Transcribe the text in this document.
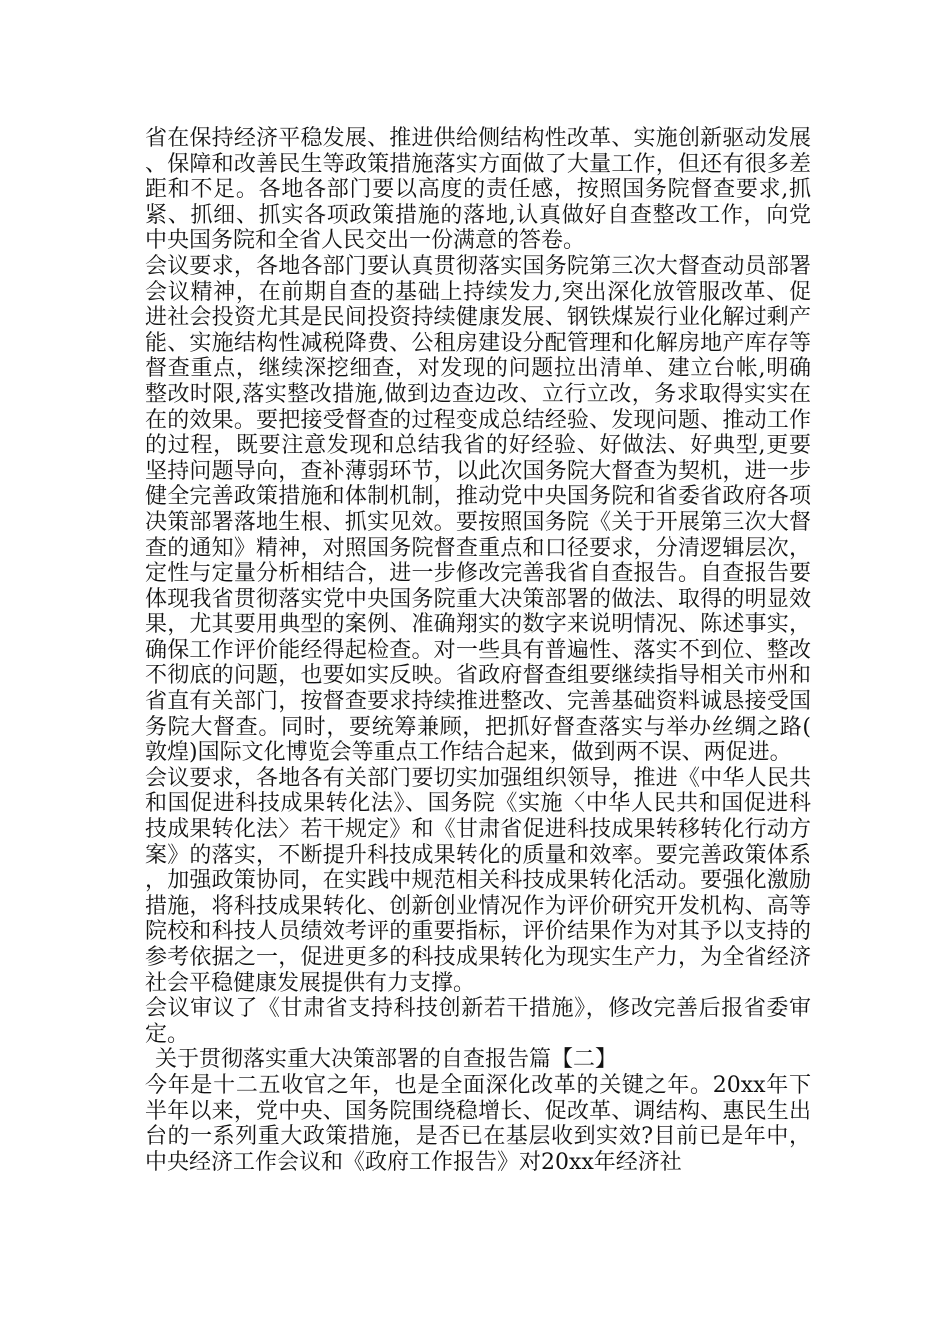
省在保持经济平稳发展、推进供给侧结构性改革、实施创新驱动发展、保障和改善民生等政策措施落实方面做了大量工作，但还有很多差距和不足。各地各部门要以高度的责任感，按照国务院督查要求,抓紧、抓细、抓实各项政策措施的落地,认真做好自查整改工作，向党中央国务院和全省人民交出一份满意的答卷。

会议要求，各地各部门要认真贯彻落实国务院第三次大督查动员部署会议精神，在前期自查的基础上持续发力,突出深化放管服改革、促进社会投资尤其是民间投资持续健康发展、钢铁煤炭行业化解过剩产能、实施结构性减税降费、公租房建设分配管理和化解房地产库存等督查重点，继续深挖细查，对发现的问题拉出清单、建立台帐,明确整改时限,落实整改措施,做到边查边改、立行立改，务求取得实实在在的效果。要把接受督查的过程变成总结经验、发现问题、推动工作的过程，既要注意发现和总结我省的好经验、好做法、好典型,更要坚持问题导向，查补薄弱环节，以此次国务院大督查为契机，进一步健全完善政策措施和体制机制，推动党中央国务院和省委省政府各项决策部署落地生根、抓实见效。要按照国务院《关于开展第三次大督查的通知》精神，对照国务院督查重点和口径要求，分清逻辑层次，定性与定量分析相结合，进一步修改完善我省自查报告。自查报告要体现我省贯彻落实党中央国务院重大决策部署的做法、取得的明显效果，尤其要用典型的案例、准确翔实的数字来说明情况、陈述事实，确保工作评价能经得起检查。对一些具有普遍性、落实不到位、整改不彻底的问题，也要如实反映。省政府督查组要继续指导相关市州和省直有关部门，按督查要求持续推进整改、完善基础资料诚恳接受国务院大督查。同时，要统筹兼顾，把抓好督查落实与举办丝绸之路(敦煌)国际文化博览会等重点工作结合起来，做到两不误、两促进。

会议要求，各地各有关部门要切实加强组织领导，推进《中华人民共和国促进科技成果转化法》、国务院《实施〈中华人民共和国促进科技成果转化法〉若干规定》和《甘肃省促进科技成果转移转化行动方案》的落实，不断提升科技成果转化的质量和效率。要完善政策体系，加强政策协同，在实践中规范相关科技成果转化活动。要强化激励措施，将科技成果转化、创新创业情况作为评价研究开发机构、高等院校和科技人员绩效考评的重要指标，评价结果作为对其予以支持的参考依据之一，促进更多的科技成果转化为现实生产力，为全省经济社会平稳健康发展提供有力支撑。

会议审议了《甘肃省支持科技创新若干措施》，修改完善后报省委审定。

关于贯彻落实重大决策部署的自查报告篇【二】

今年是十二五收官之年，也是全面深化改革的关键之年。20xx年下半年以来，党中央、国务院围绕稳增长、促改革、调结构、惠民生出台的一系列重大政策措施，是否已在基层收到实效?目前已是年中，中央经济工作会议和《政府工作报告》对20xx年经济社
